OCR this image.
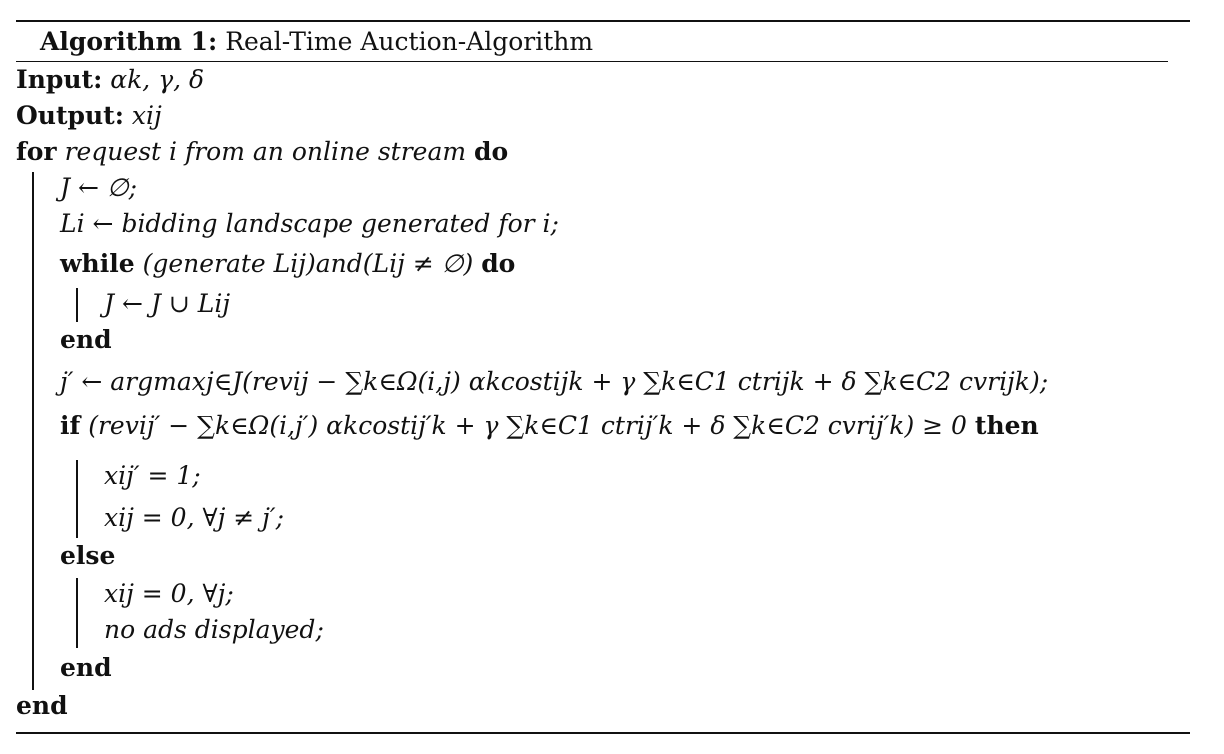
Algorithm 1: Real-Time Auction-Algorithm
Input: αk, γ, δ
Output: xij
for request i from an online stream do
J ← ∅;
Li ← bidding landscape generated for i;
while (generate Lij)and(Lij ≠ ∅) do
J ← J ∪ Lij
end
j′ ← argmaxj∈J(revij − ∑k∈Ω(i,j) αkcostijk + γ ∑k∈C1 ctrijk + δ ∑k∈C2 cvrijk);
if (revij′ − ∑k∈Ω(i,j′) αkcostij′k + γ ∑k∈C1 ctrij′k + δ ∑k∈C2 cvrij′k) ≥ 0 then
xij′ = 1;
xij = 0, ∀j ≠ j′;
else
xij = 0, ∀j;
no ads displayed;
end
end
